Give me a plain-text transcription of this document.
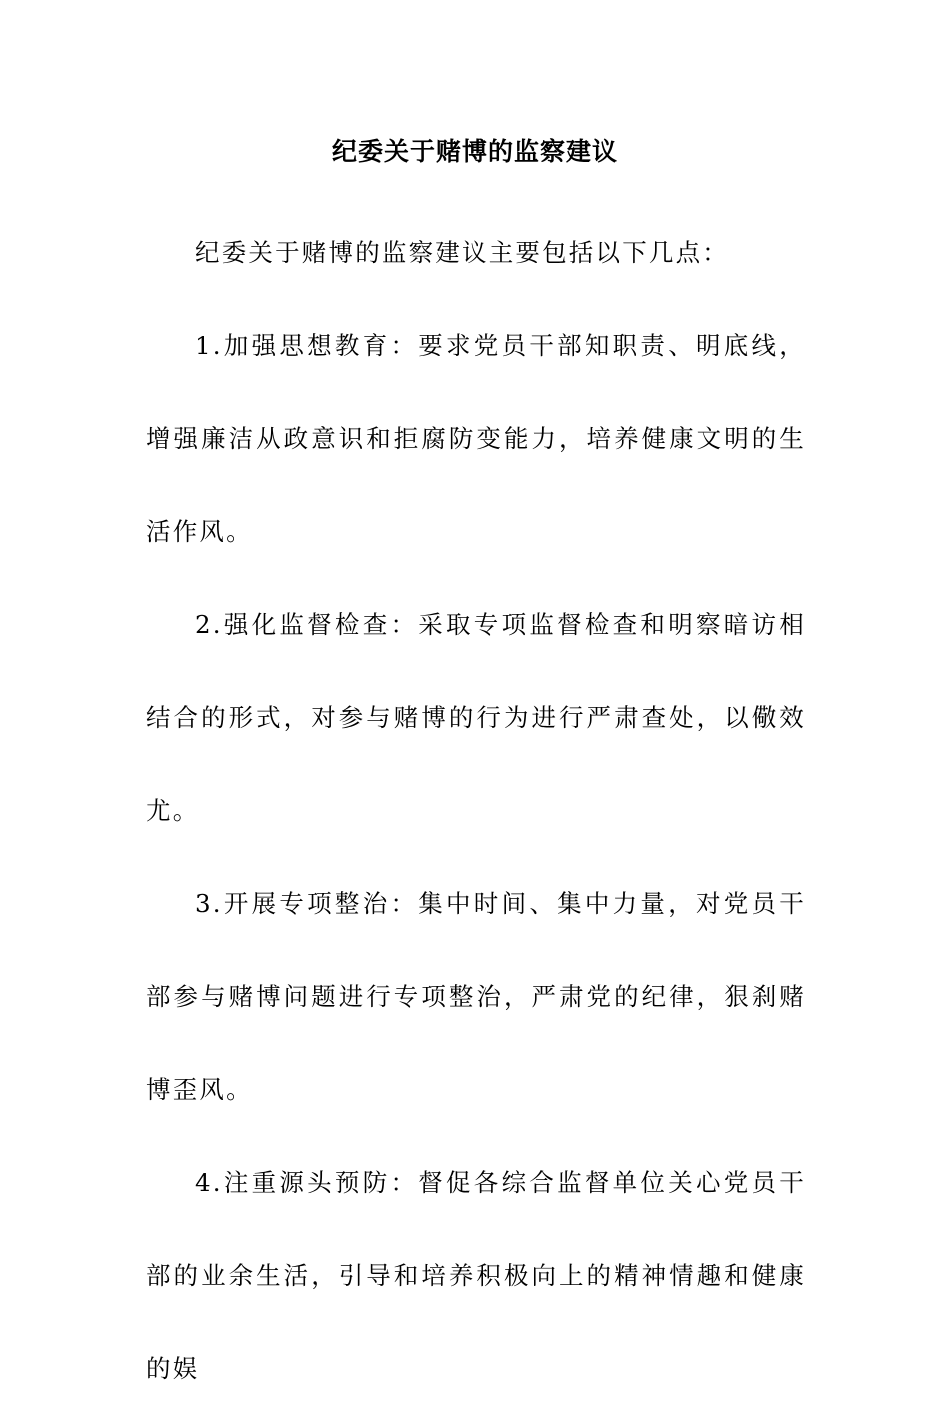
纪委关于赌博的监察建议

纪委关于赌博的监察建议主要包括以下几点：

1.加强思想教育：要求党员干部知职责、明底线，增强廉洁从政意识和拒腐防变能力，培养健康文明的生活作风。

2.强化监督检查：采取专项监督检查和明察暗访相结合的形式，对参与赌博的行为进行严肃查处，以儆效尤。

3.开展专项整治：集中时间、集中力量，对党员干部参与赌博问题进行专项整治，严肃党的纪律，狠刹赌博歪风。

4.注重源头预防：督促各综合监督单位关心党员干部的业余生活，引导和培养积极向上的精神情趣和健康的娱
